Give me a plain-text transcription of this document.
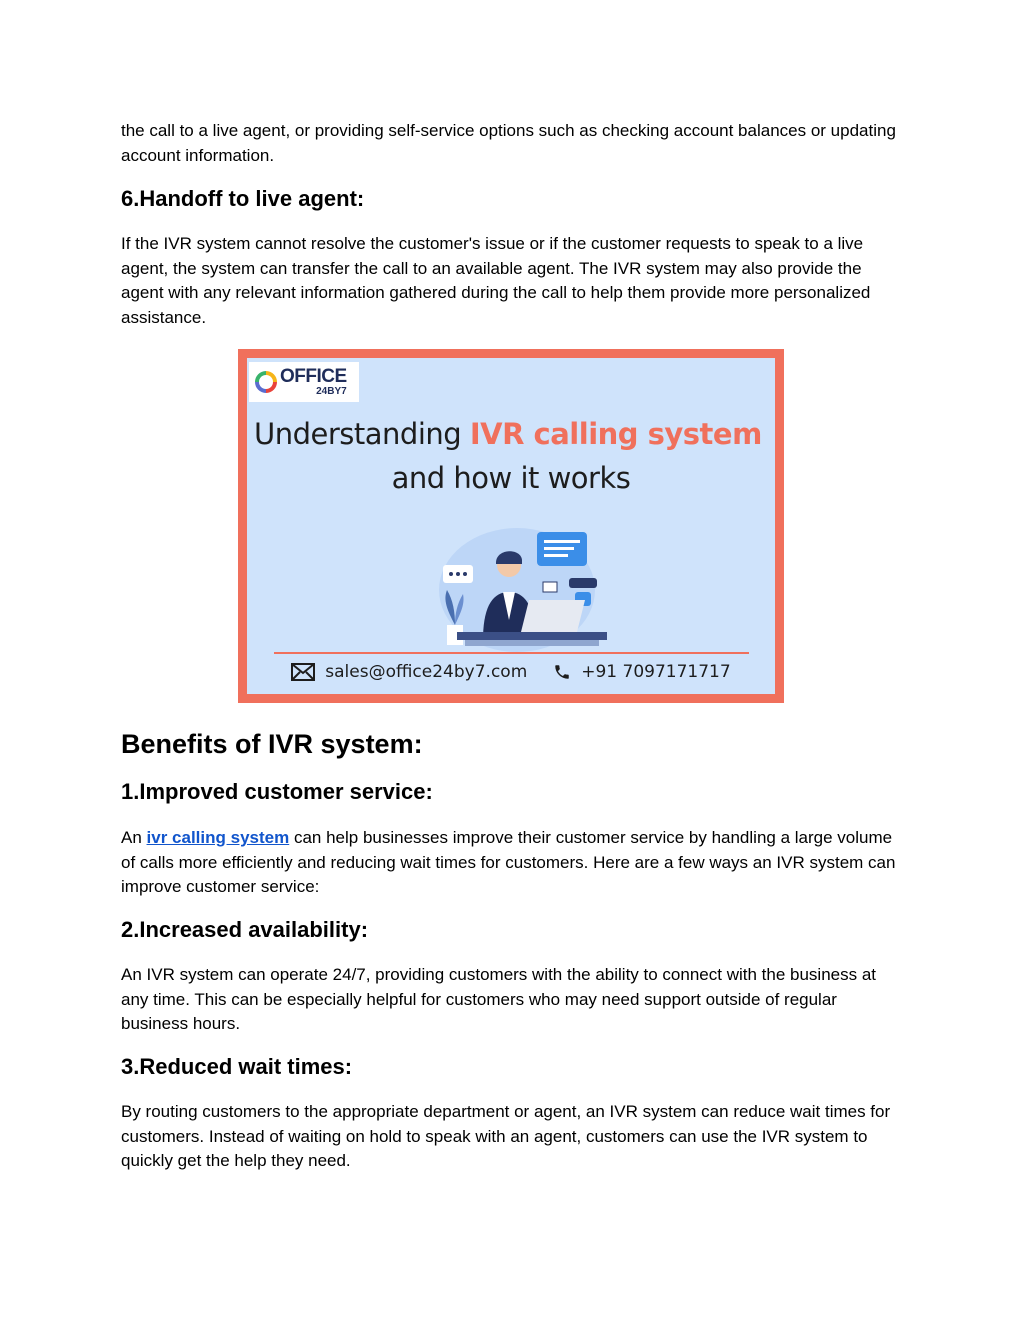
the call to a live agent, or providing self-service options such as checking account balances or updating account information.

6.Handoff to live agent:

If the IVR system cannot resolve the customer's issue or if the customer requests to speak to a live agent, the system can transfer the call to an available agent. The IVR system may also provide the agent with any relevant information gathered during the call to help them provide more personalized assistance.

OFFICE
24BY7
Understanding IVR calling system
and how it works
sales@office24by7.com	+91 7097171717
Benefits of IVR system:
1.Improved customer service:

An ivr calling system can help businesses improve their customer service by handling a large volume of calls more efficiently and reducing wait times for customers. Here are a few ways an IVR system can improve customer service:

2.Increased availability:

An IVR system can operate 24/7, providing customers with the ability to connect with the business at any time. This can be especially helpful for customers who may need support outside of regular business hours.

3.Reduced wait times:

By routing customers to the appropriate department or agent, an IVR system can reduce wait times for customers. Instead of waiting on hold to speak with an agent, customers can use the IVR system to quickly get the help they need.
